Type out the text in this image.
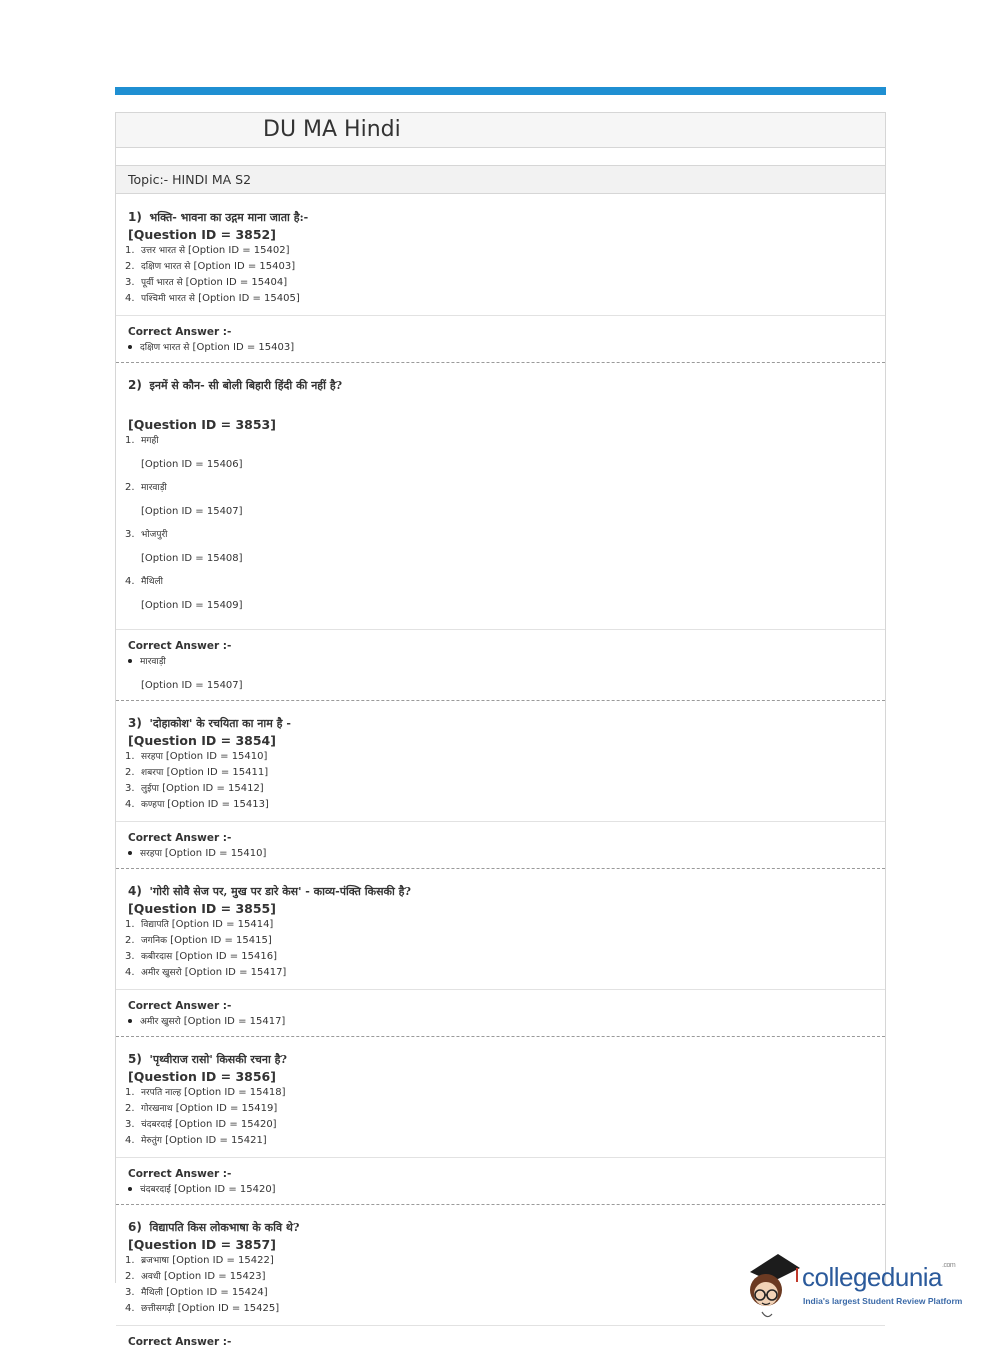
DU MA Hindi
Topic:- HINDI MA S2
1) भक्ति- भावना का उद्गम माना जाता है:-
[Question ID = 3852]
1. उत्तर भारत से [Option ID = 15402]
2. दक्षिण भारत से [Option ID = 15403]
3. पूर्वी भारत से [Option ID = 15404]
4. पश्चिमी भारत से [Option ID = 15405]
Correct Answer :-
दक्षिण भारत से [Option ID = 15403]
2) इनमें से कौन- सी बोली बिहारी हिंदी की नहीं है?
[Question ID = 3853]
1. मगही
[Option ID = 15406]
2. मारवाड़ी
[Option ID = 15407]
3. भोजपुरी
[Option ID = 15408]
4. मैथिली
[Option ID = 15409]
Correct Answer :-
मारवाड़ी
[Option ID = 15407]
3) 'दोहाकोश' के रचयिता का नाम है -
[Question ID = 3854]
1. सरहपा [Option ID = 15410]
2. शबरपा [Option ID = 15411]
3. लुईपा [Option ID = 15412]
4. कण्हपा [Option ID = 15413]
Correct Answer :-
सरहपा [Option ID = 15410]
4) 'गोरी सोवै सेज पर, मुख पर डारे केस' - काव्य-पंक्ति किसकी है?
[Question ID = 3855]
1. विद्यापति [Option ID = 15414]
2. जगनिक [Option ID = 15415]
3. कबीरदास [Option ID = 15416]
4. अमीर खुसरो [Option ID = 15417]
Correct Answer :-
अमीर खुसरो [Option ID = 15417]
5) 'पृथ्वीराज रासो' किसकी रचना है?
[Question ID = 3856]
1. नरपति नाल्ह [Option ID = 15418]
2. गोरखनाथ [Option ID = 15419]
3. चंदबरदाई [Option ID = 15420]
4. मेरुतुंग [Option ID = 15421]
Correct Answer :-
चंदबरदाई [Option ID = 15420]
6) विद्यापति किस लोकभाषा के कवि थे?
[Question ID = 3857]
1. ब्रजभाषा [Option ID = 15422]
2. अवधी [Option ID = 15423]
3. मैथिली [Option ID = 15424]
4. छत्तीसगढ़ी [Option ID = 15425]
Correct Answer :-
collegedunia$^{.com}$
India's largest Student Review Platform
